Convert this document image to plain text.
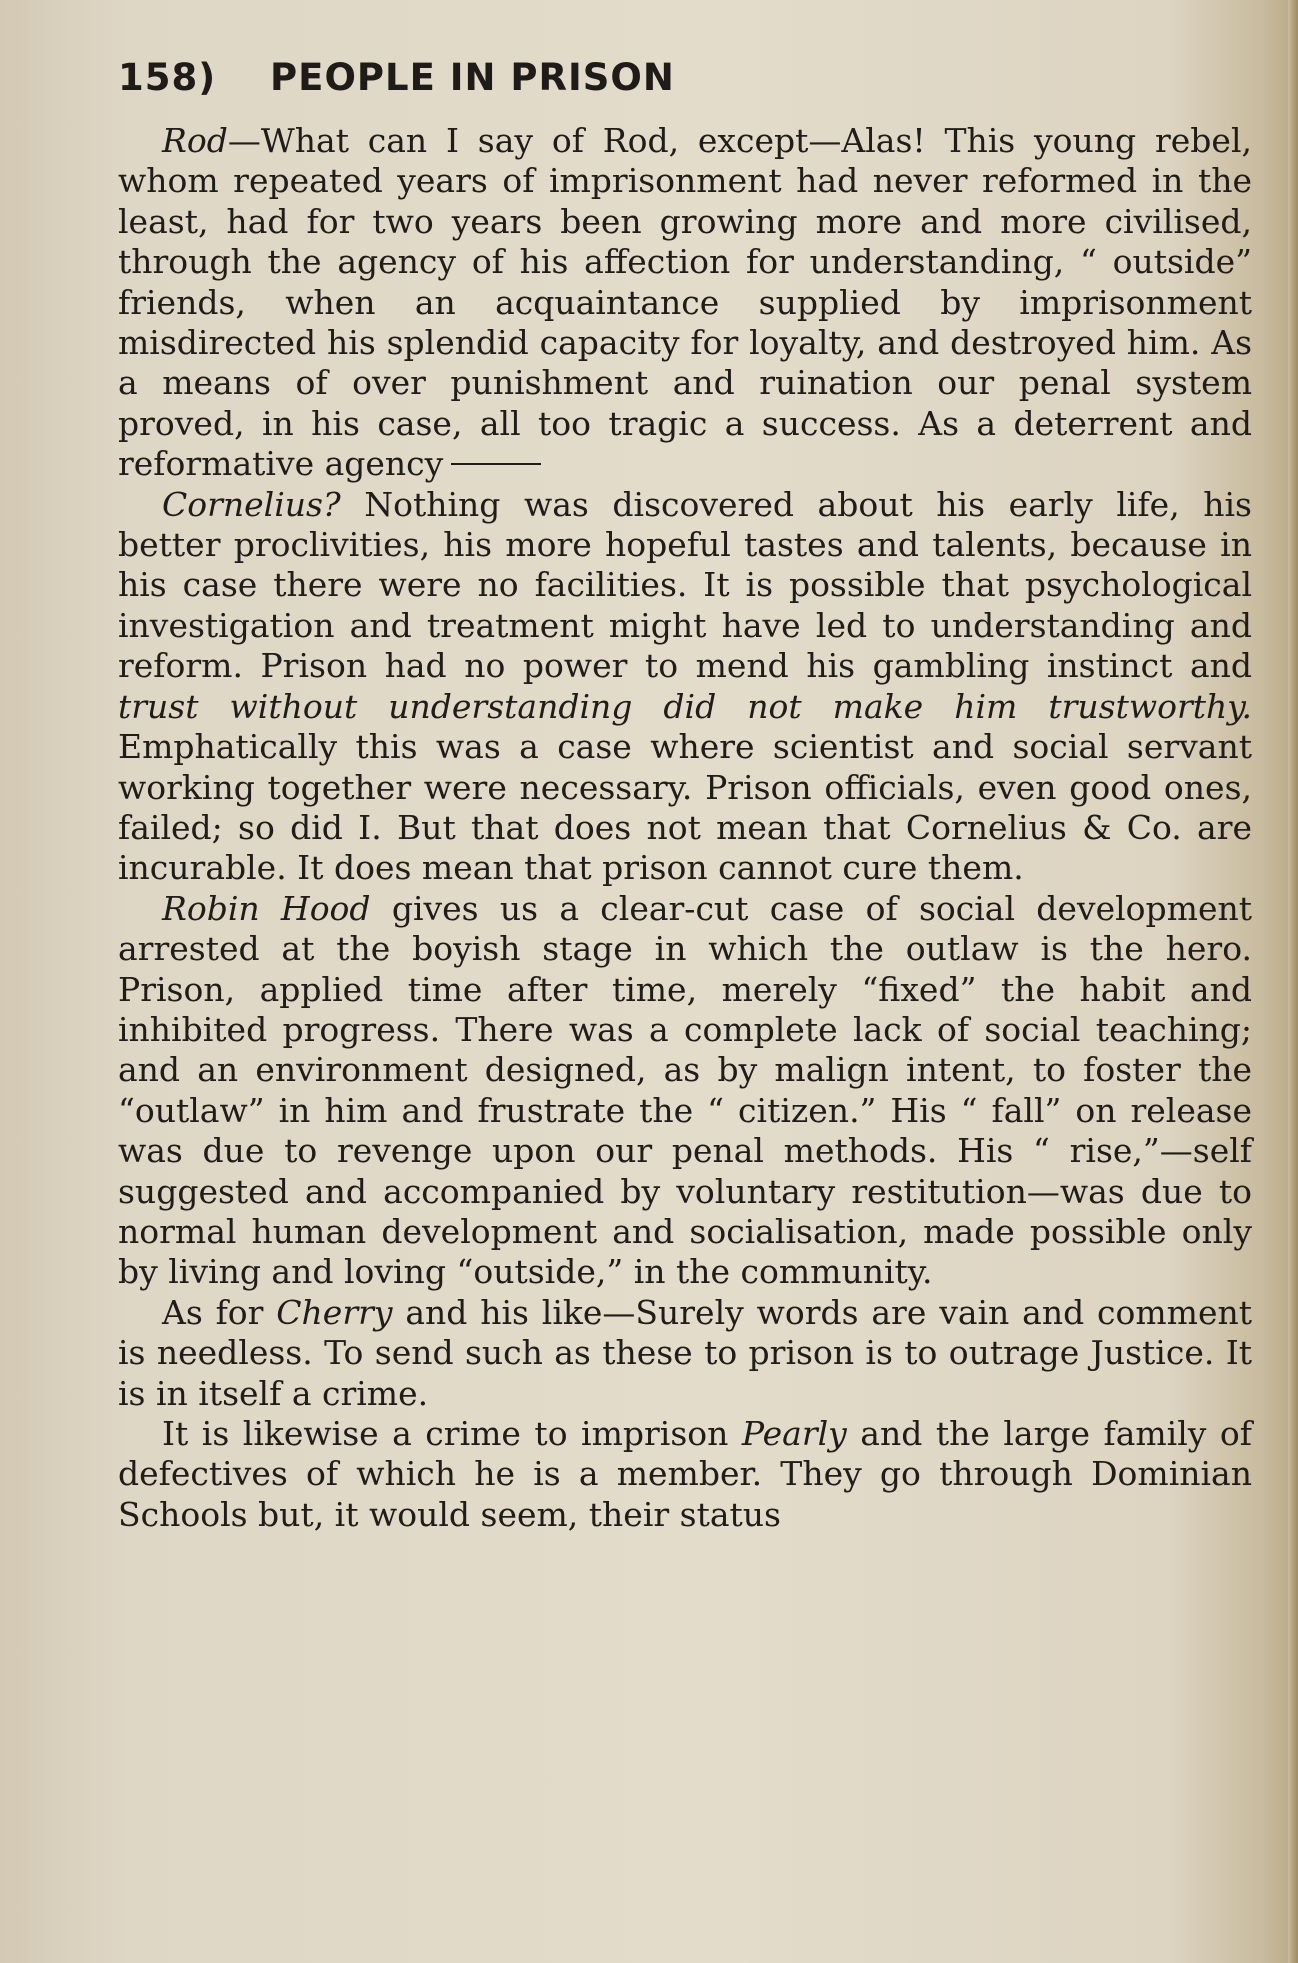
158) PEOPLE IN PRISON

Rod—What can I say of Rod, except—Alas! This young rebel, whom repeated years of imprisonment had never reformed in the least, had for two years been growing more and more civilised, through the agency of his affection for understanding, “ outside” friends, when an acquaintance supplied by imprisonment misdirected his splendid capacity for loyalty, and destroyed him. As a means of over punishment and ruination our penal system proved, in his case, all too tragic a success. As a deterrent and reformative agency

Cornelius? Nothing was discovered about his early life, his better proclivities, his more hopeful tastes and talents, because in his case there were no facilities. It is possible that psychological investigation and treatment might have led to understanding and reform. Prison had no power to mend his gambling instinct and trust without understanding did not make him trustworthy. Emphatically this was a case where scientist and social servant working together were necessary. Prison officials, even good ones, failed; so did I. But that does not mean that Cornelius & Co. are incurable. It does mean that prison cannot cure them.

Robin Hood gives us a clear-cut case of social development arrested at the boyish stage in which the outlaw is the hero. Prison, applied time after time, merely “fixed” the habit and inhibited progress. There was a complete lack of social teaching; and an environment designed, as by malign intent, to foster the “outlaw” in him and frustrate the “ citizen.” His “ fall” on release was due to revenge upon our penal methods. His “ rise,”—self suggested and accompanied by voluntary restitution—was due to normal human development and socialisation, made possible only by living and loving “outside,” in the community.

As for Cherry and his like—Surely words are vain and comment is needless. To send such as these to prison is to outrage Justice. It is in itself a crime.

It is likewise a crime to imprison Pearly and the large family of defectives of which he is a member. They go through Dominian Schools but, it would seem, their status
